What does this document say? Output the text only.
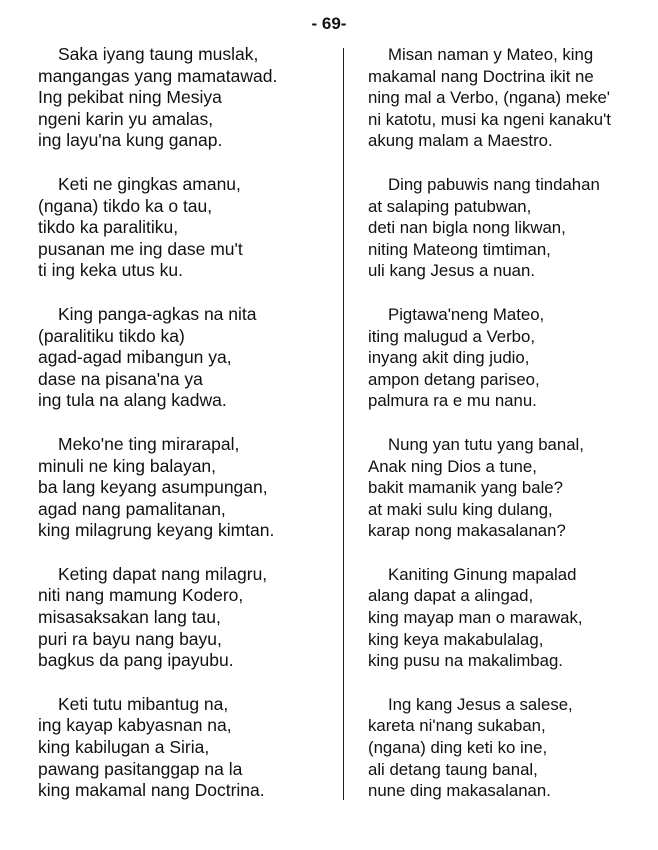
- 69-
Saka iyang taung muslak,
mangangas yang mamatawad.
Ing pekibat ning Mesiya
ngeni karin yu amalas,
ing layu'na kung ganap.
Keti ne gingkas amanu,
(ngana) tikdo ka o tau,
tikdo ka paralitiku,
pusanan me ing dase mu't
ti ing keka utus ku.
King panga-agkas na nita
(paralitiku tikdo ka)
agad-agad mibangun ya,
dase na pisana'na ya
ing tula na alang kadwa.
Meko'ne ting mirarapal,
minuli ne king balayan,
ba lang keyang asumpungan,
agad nang pamalitanan,
king milagrung keyang kimtan.
Keting dapat nang milagru,
niti nang mamung Kodero,
misasaksakan lang tau,
puri ra bayu nang bayu,
bagkus da pang ipayubu.
Keti tutu mibantug na,
ing kayap kabyasnan na,
king kabilugan a Siria,
pawang pasitanggap na la
king makamal nang Doctrina.
Misan naman y Mateo, king
makamal nang Doctrina ikit ne
ning mal a Verbo, (ngana) meke'
ni katotu, musi ka ngeni kanaku't
akung malam a Maestro.
Ding pabuwis nang tindahan
at salaping patubwan,
deti nan bigla nong likwan,
niting Mateong timtiman,
uli kang Jesus a nuan.
Pigtawa'neng Mateo,
iting malugud a Verbo,
inyang akit ding judio,
ampon detang pariseo,
palmura ra e mu nanu.
Nung yan tutu yang banal,
Anak ning Dios a tune,
bakit mamanik yang bale?
at maki sulu king dulang,
karap nong makasalanan?
Kaniting Ginung mapalad
alang dapat a alingad,
king mayap man o marawak,
king keya makabulalag,
king pusu na makalimbag.
Ing kang Jesus a salese,
kareta ni'nang sukaban,
(ngana) ding keti ko ine,
ali detang taung banal,
nune ding makasalanan.
